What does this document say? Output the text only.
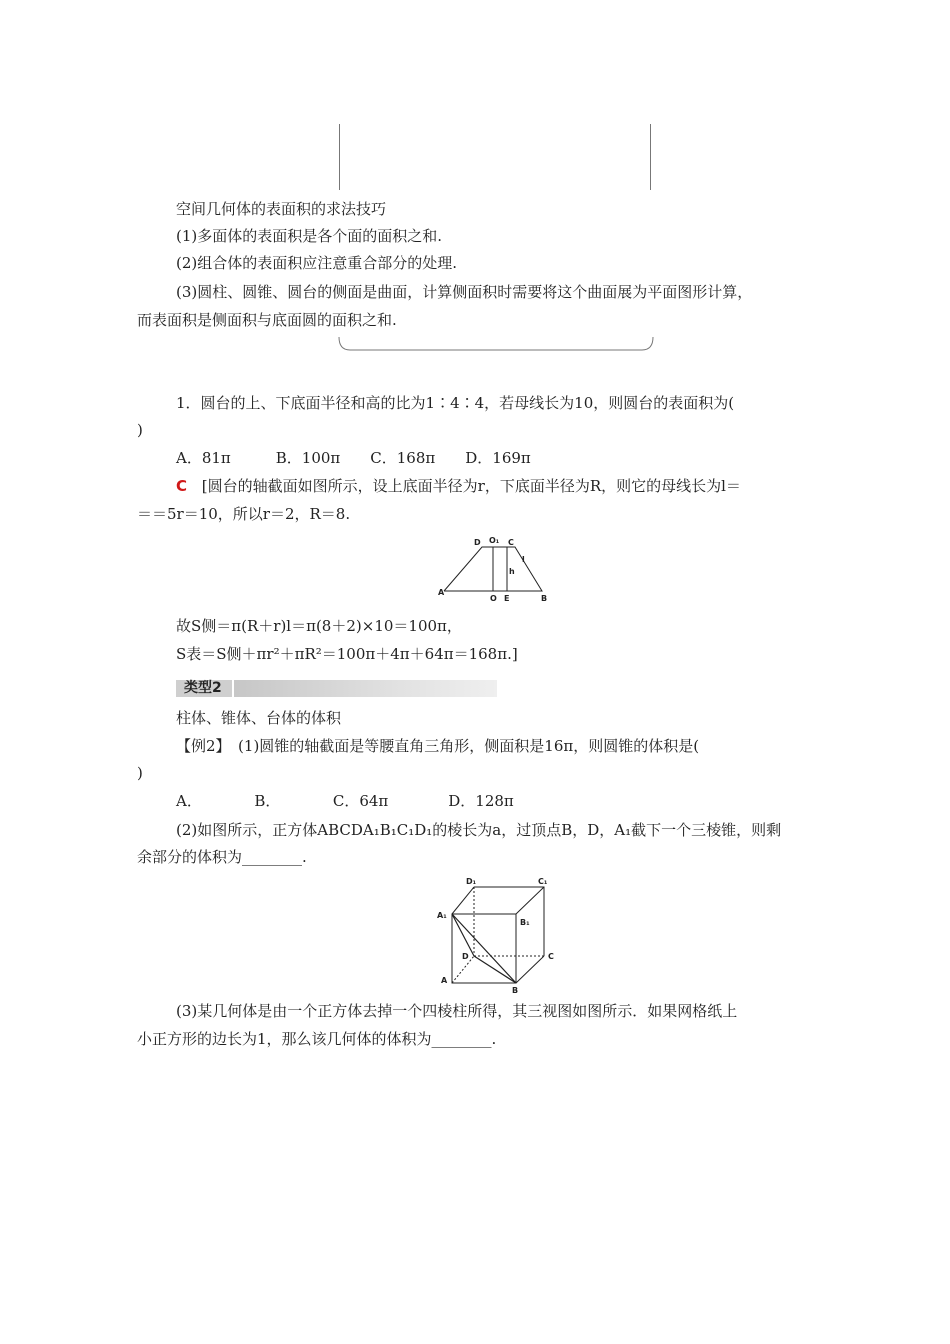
空间几何体的表面积的求法技巧
(1)多面体的表面积是各个面的面积之和.
(2)组合体的表面积应注意重合部分的处理.
(3)圆柱、圆锥、圆台的侧面是曲面，计算侧面积时需要将这个曲面展为平面图形计算，
而表面积是侧面积与底面圆的面积之和.
1．圆台的上、下底面半径和高的比为1∶4∶4，若母线长为10，则圆台的表面积为(
)
A．81π　　　B．100π　　C．168π　　D．169π
C [圆台的轴截面如图所示，设上底面半径为r，下底面半径为R，则它的母线长为l＝
＝＝5r＝10，所以r＝2，R＝8.
D O₁ C
l
h
A
O E	B
故S侧＝π(R＋r)l＝π(8＋2)×10＝100π，
S表＝S侧＋πr²＋πR²＝100π＋4π＋64π＝168π.]
类型2
柱体、锥体、台体的体积
【例2】　(1)圆锥的轴截面是等腰直角三角形，侧面积是16π，则圆锥的体积是(
)
A．　　　　B．　　　　C．64π　　　　D．128π
(2)如图所示，正方体ABCDA₁B₁C₁D₁的棱长为a，过顶点B，D，A₁截下一个三棱锥，则剩
余部分的体积为________.
D₁	C₁
A₁
B₁
D	C
A
B
(3)某几何体是由一个正方体去掉一个四棱柱所得，其三视图如图所示．如果网格纸上
小正方形的边长为1，那么该几何体的体积为________.
